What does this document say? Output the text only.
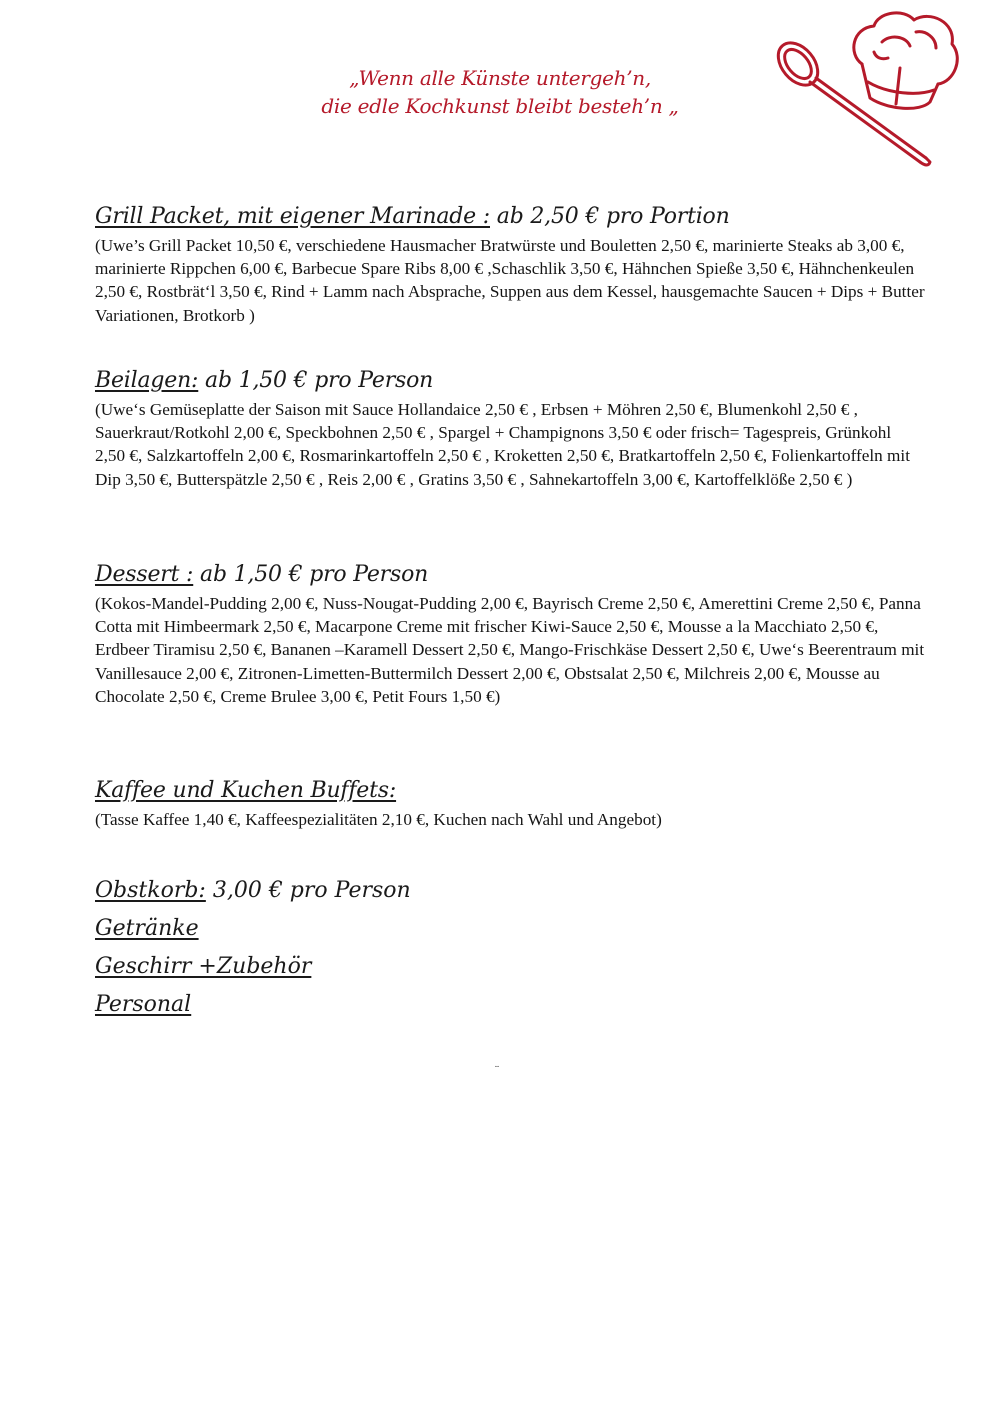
„Wenn alle Künste untergeh’n,
die edle Kochkunst bleibt besteh’n „

Grill Packet, mit eigener Marinade : ab 2,50 € pro Portion

(Uwe’s Grill Packet 10,50 €, verschiedene Hausmacher Bratwürste und Bouletten 2,50 €, marinierte Steaks ab 3,00 €, marinierte Rippchen 6,00 €, Barbecue Spare Ribs 8,00 € ,Schaschlik 3,50 €, Hähnchen Spieße 3,50 €, Hähnchenkeulen 2,50 €, Rostbrät‘l 3,50 €, Rind + Lamm nach Absprache, Suppen aus dem Kessel, hausgemachte Saucen + Dips + Butter Variationen, Brotkorb )

Beilagen: ab 1,50 € pro Person

(Uwe‘s Gemüseplatte der Saison mit Sauce Hollandaice 2,50 € , Erbsen + Möhren 2,50 €, Blumenkohl 2,50 € , Sauerkraut/Rotkohl 2,00 €, Speckbohnen 2,50 € , Spargel + Champignons 3,50 € oder frisch= Tagespreis, Grünkohl 2,50 €, Salzkartoffeln 2,00 €, Rosmarinkartoffeln 2,50 € , Kroketten 2,50 €, Bratkartoffeln 2,50 €, Folienkartoffeln mit Dip 3,50 €, Butterspätzle 2,50 € , Reis 2,00 € , Gratins 3,50 € , Sahnekartoffeln 3,00 €, Kartoffelklöße 2,50 € )

Dessert : ab 1,50 € pro Person

(Kokos-Mandel-Pudding 2,00 €, Nuss-Nougat-Pudding 2,00 €, Bayrisch Creme 2,50 €, Amerettini Creme 2,50 €, Panna Cotta mit Himbeermark 2,50 €, Macarpone Creme mit frischer Kiwi-Sauce 2,50 €, Mousse a la Macchiato 2,50 €, Erdbeer Tiramisu 2,50 €, Bananen –Karamell Dessert 2,50 €, Mango-Frischkäse Dessert 2,50 €, Uwe‘s Beerentraum mit Vanillesauce 2,00 €, Zitronen-Limetten-Buttermilch Dessert 2,00 €, Obstsalat 2,50 €, Milchreis 2,00 €, Mousse au Chocolate 2,50 €, Creme Brulee 3,00 €, Petit Fours 1,50 €)

Kaffee und Kuchen Buffets:

(Tasse Kaffee 1,40 €, Kaffeespezialitäten 2,10 €, Kuchen nach Wahl und Angebot)

Obstkorb: 3,00 € pro Person

Getränke

Geschirr +Zubehör

Personal

¨
